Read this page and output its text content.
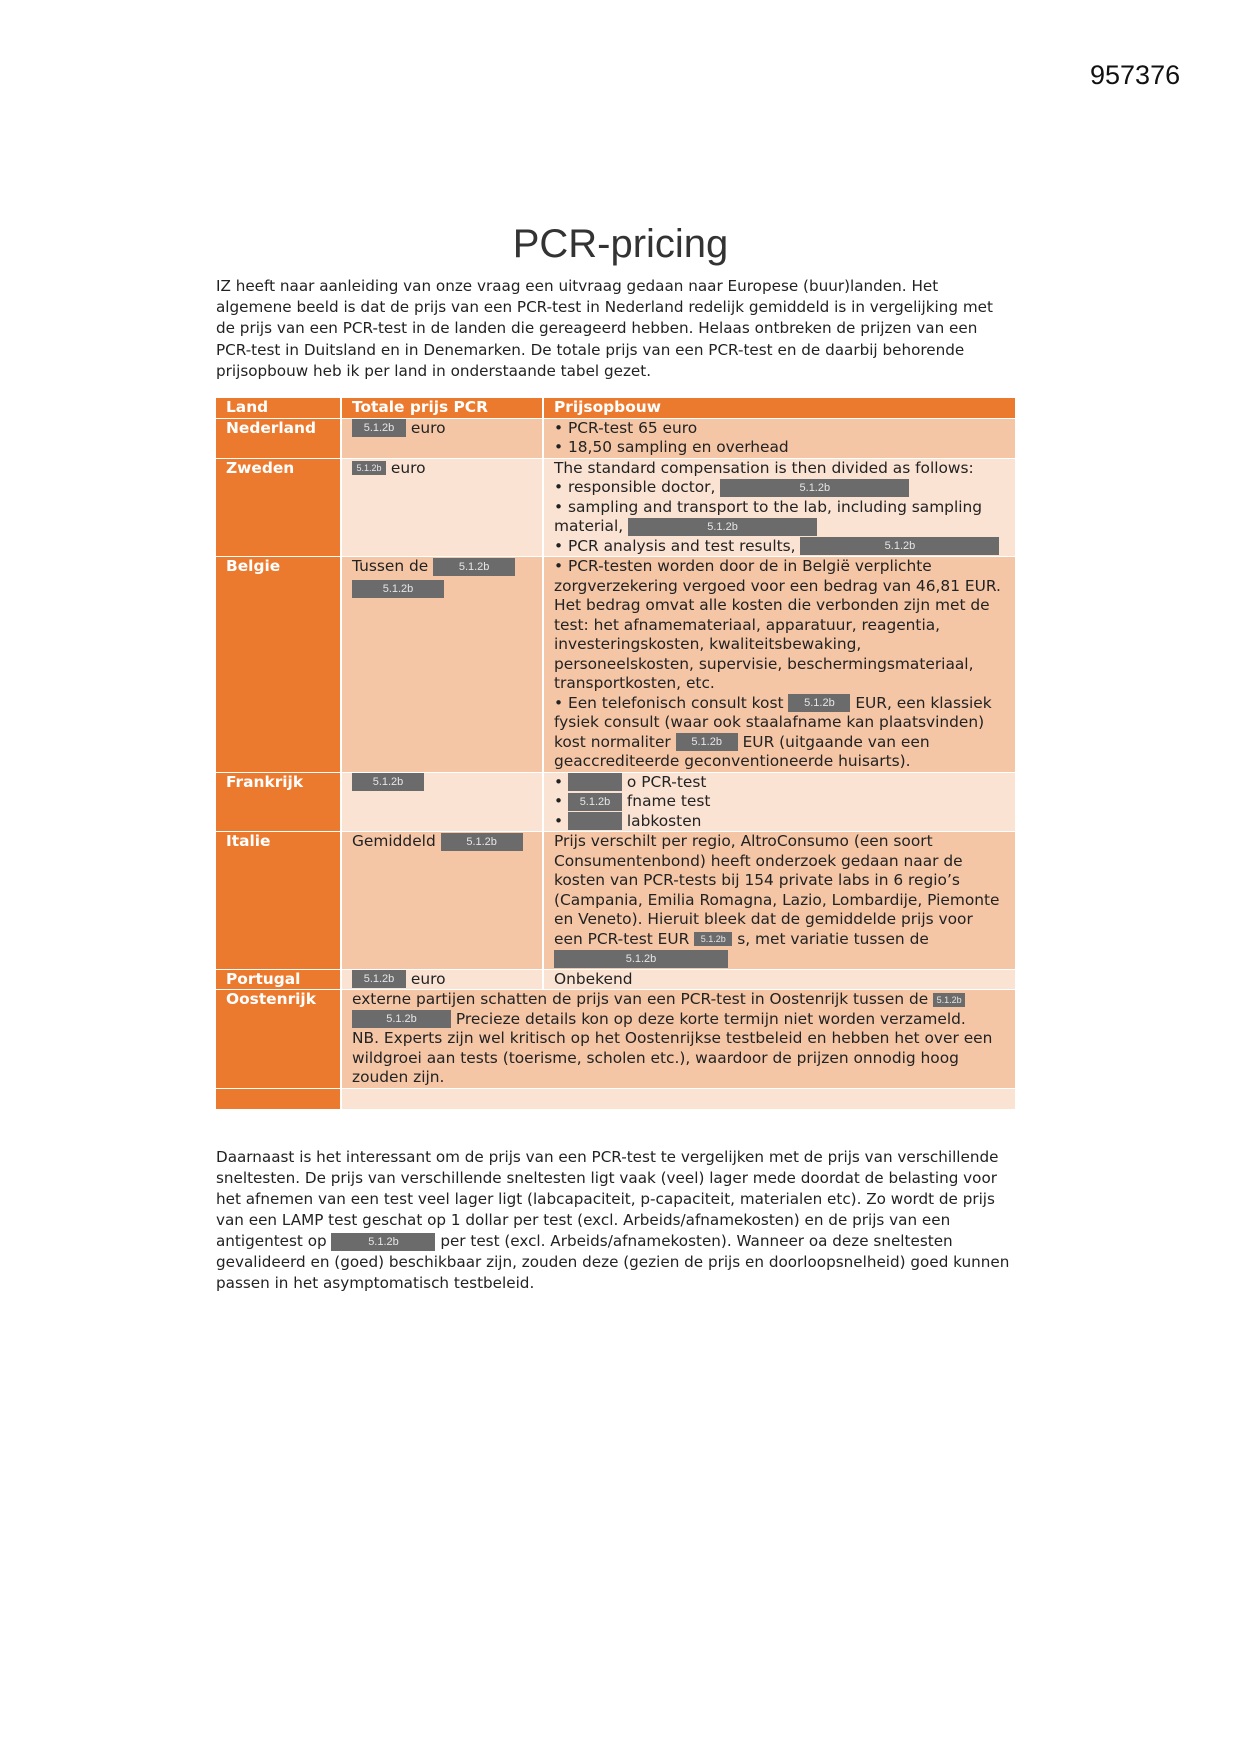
957376
PCR-pricing

IZ heeft naar aanleiding van onze vraag een uitvraag gedaan naar Europese (buur)landen. Het algemene beeld is dat de prijs van een PCR-test in Nederland redelijk gemiddeld is in vergelijking met de prijs van een PCR-test in de landen die gereageerd hebben. Helaas ontbreken de prijzen van een PCR-test in Duitsland en in Denemarken. De totale prijs van een PCR-test en de daarbij behorende prijsopbouw heb ik per land in onderstaande tabel gezet.

Land	Totale prijs PCR	Prijsopbouw
Nederland	5.1.2b euro	• PCR-test 65 euro
• 18,50 sampling en overhead

Zweden	5.1.2b euro	The standard compensation is then divided as follows:
• responsible doctor, 5.1.2b
• sampling and transport to the lab, including sampling material, 5.1.2b
• PCR analysis and test results, 5.1.2b

Belgie	Tussen de 5.1.2b 5.1.2b	• PCR-testen worden door de in België verplichte zorgverzekering vergoed voor een bedrag van 46,81 EUR. Het bedrag omvat alle kosten die verbonden zijn met de test: het afnamemateriaal, apparatuur, reagentia, investeringskosten, kwaliteitsbewaking, personeelskosten, supervisie, beschermingsmateriaal, transportkosten, etc.
• Een telefonisch consult kost 5.1.2b EUR, een klassiek fysiek consult (waar ook staalafname kan plaatsvinden) kost normaliter 5.1.2b EUR (uitgaande van een geaccrediteerde geconventioneerde huisarts).

Frankrijk	5.1.2b	• o PCR-test
• 5.1.2b fname test
• labkosten

Italie	Gemiddeld 5.1.2b	Prijs verschilt per regio, AltroConsumo (een soort Consumentenbond) heeft onderzoek gedaan naar de kosten van PCR-tests bij 154 private labs in 6 regio’s (Campania, Emilia Romagna, Lazio, Lombardije, Piemonte en Veneto). Hieruit bleek dat de gemiddelde prijs voor een PCR-test EUR 5.1.2b s, met variatie tussen de 5.1.2b
Portugal	5.1.2b euro	Onbekend
Oostenrijk	externe partijen schatten de prijs van een PCR-test in Oostenrijk tussen de 5.1.2b 5.1.2b Precieze details kon op deze korte termijn niet worden verzameld.
NB. Experts zijn wel kritisch op het Oostenrijkse testbeleid en hebben het over een wildgroei aan tests (toerisme, scholen etc.), waardoor de prijzen onnodig hoog zouden zijn.	

Daarnaast is het interessant om de prijs van een PCR-test te vergelijken met de prijs van verschillende sneltesten. De prijs van verschillende sneltesten ligt vaak (veel) lager mede doordat de belasting voor het afnemen van een test veel lager ligt (labcapaciteit, p-capaciteit, materialen etc). Zo wordt de prijs van een LAMP test geschat op 1 dollar per test (excl. Arbeids/afnamekosten) en de prijs van een antigentest op	5.1.2b	per test (excl. Arbeids/afnamekosten). Wanneer oa deze sneltesten gevalideerd en (goed) beschikbaar zijn, zouden deze (gezien de prijs en doorloopsnelheid) goed kunnen passen in het asymptomatisch testbeleid.
